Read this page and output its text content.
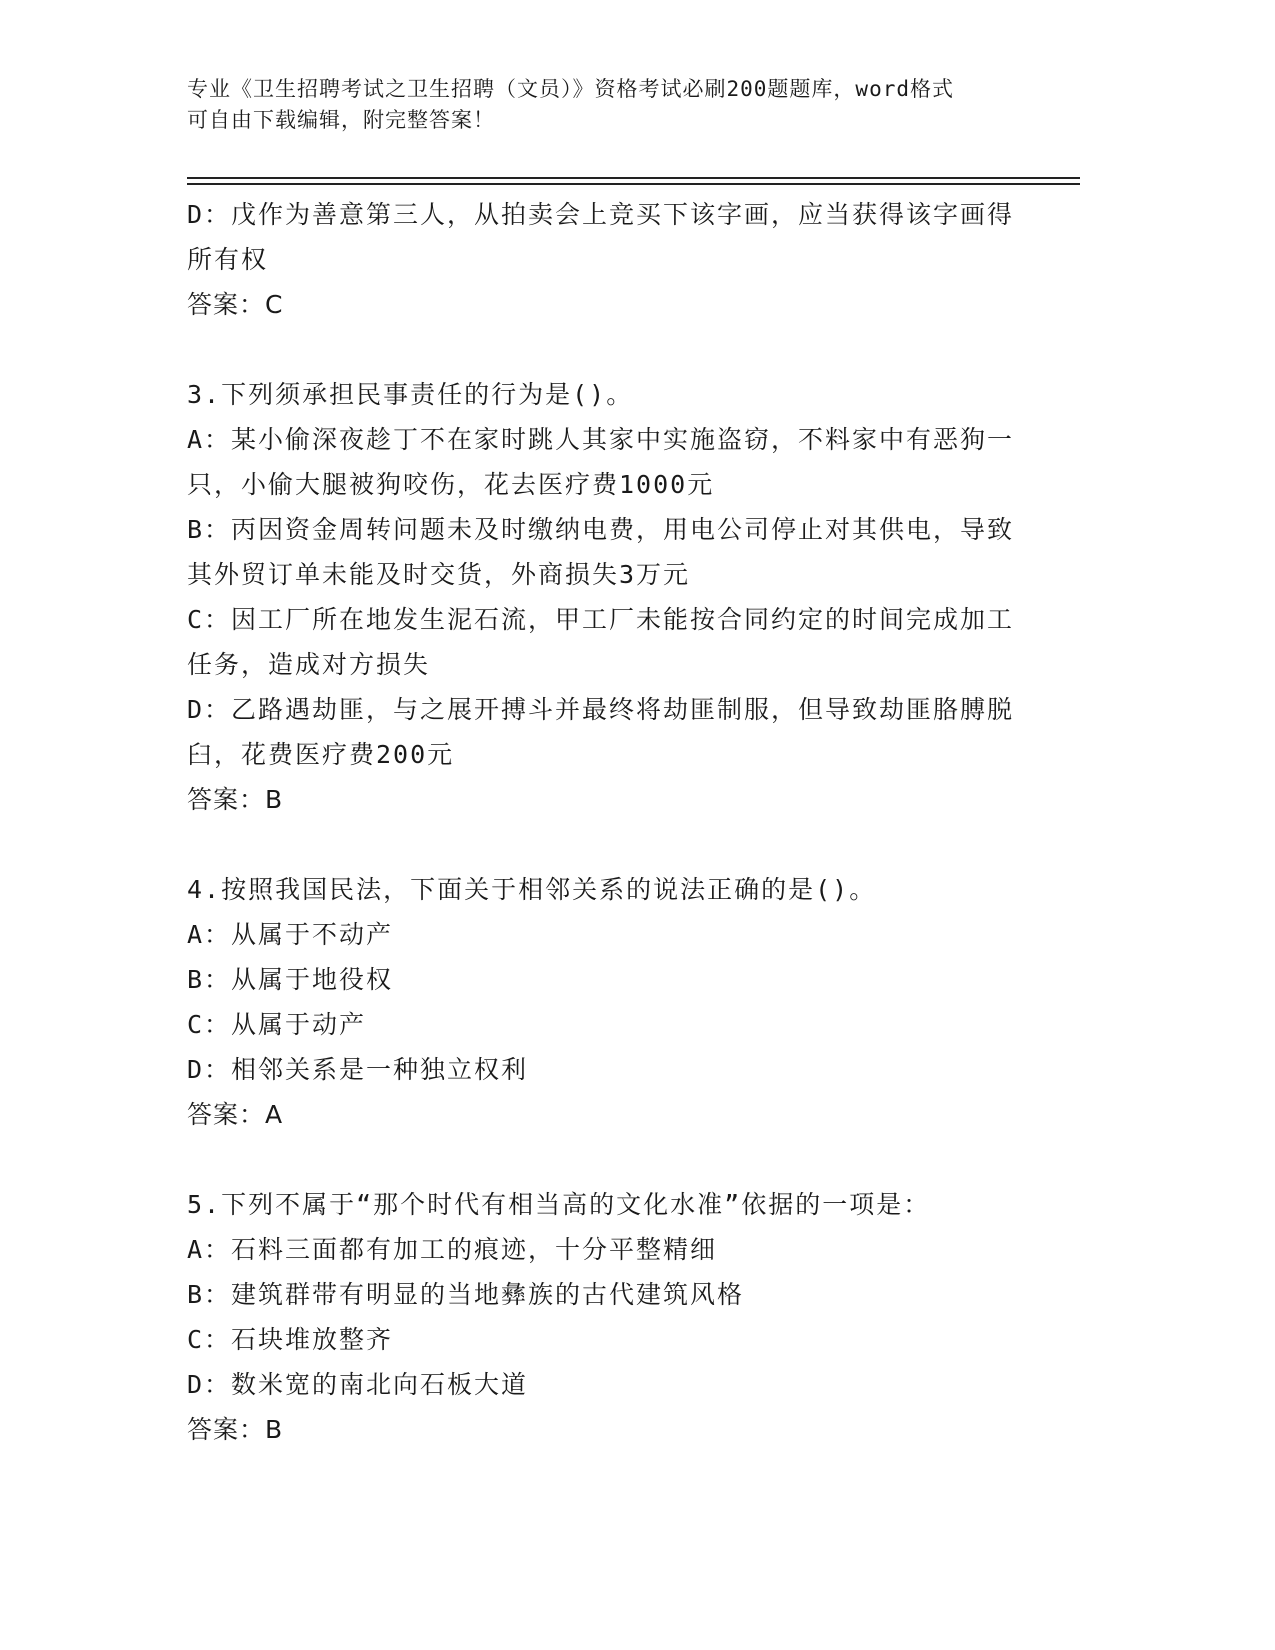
专业《卫生招聘考试之卫生招聘（文员）》资格考试必刷200题题库，word格式
可自由下载编辑，附完整答案！
D：戊作为善意第三人，从拍卖会上竞买下该字画，应当获得该字画得
所有权
答案：C
3.下列须承担民事责任的行为是()。
A：某小偷深夜趁丁不在家时跳人其家中实施盗窃，不料家中有恶狗一
只，小偷大腿被狗咬伤，花去医疗费1000元
B：丙因资金周转问题未及时缴纳电费，用电公司停止对其供电，导致
其外贸订单未能及时交货，外商损失3万元
C：因工厂所在地发生泥石流，甲工厂未能按合同约定的时间完成加工
任务，造成对方损失
D：乙路遇劫匪，与之展开搏斗并最终将劫匪制服，但导致劫匪胳膊脱
臼，花费医疗费200元
答案：B
4.按照我国民法，下面关于相邻关系的说法正确的是()。
A：从属于不动产
B：从属于地役权
C：从属于动产
D：相邻关系是一种独立权利
答案：A
5.下列不属于“那个时代有相当高的文化水准”依据的一项是：
A：石料三面都有加工的痕迹，十分平整精细
B：建筑群带有明显的当地彝族的古代建筑风格
C：石块堆放整齐
D：数米宽的南北向石板大道
答案：B
